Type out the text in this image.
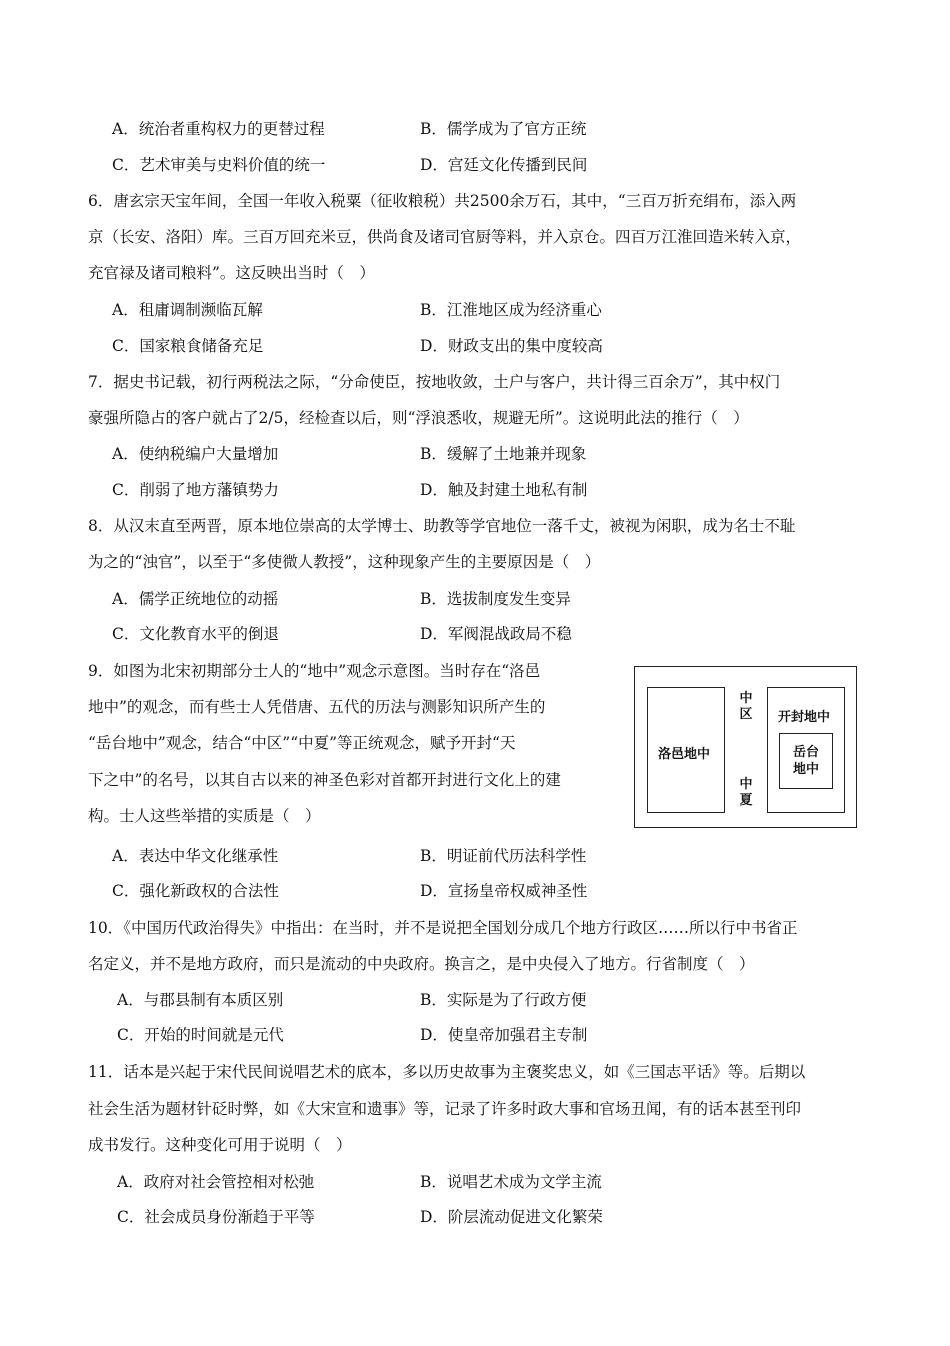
A．统治者重构权力的更替过程	B．儒学成为了官方正统
C．艺术审美与史料价值的统一	D．宫廷文化传播到民间
6．唐玄宗天宝年间，全国一年收入税粟（征收粮税）共2500余万石，其中，“三百万折充绢布，添入两
京（长安、洛阳）库。三百万回充米豆，供尚食及诸司官厨等料，并入京仓。四百万江淮回造米转入京，
充官禄及诸司粮料”。这反映出当时（　）
A．租庸调制濒临瓦解	B．江淮地区成为经济重心
C．国家粮食储备充足	D．财政支出的集中度较高
7．据史书记载，初行两税法之际，“分命使臣，按地收敛，土户与客户，共计得三百余万”，其中权门
豪强所隐占的客户就占了2/5，经检查以后，则“浮浪悉收，规避无所”。这说明此法的推行（　）
A．使纳税编户大量增加	B．缓解了土地兼并现象
C．削弱了地方藩镇势力	D．触及封建土地私有制
8．从汉末直至两晋，原本地位崇高的太学博士、助教等学官地位一落千丈，被视为闲职，成为名士不耻
为之的“浊官”，以至于“多使微人教授”，这种现象产生的主要原因是（　）
A．儒学正统地位的动摇	B．选拔制度发生变异
C．文化教育水平的倒退	D．军阀混战政局不稳
9．如图为北宋初期部分士人的“地中”观念示意图。当时存在“洛邑
地中”的观念，而有些士人凭借唐、五代的历法与测影知识所产生的
“岳台地中”观念，结合“中区”“中夏”等正统观念，赋予开封“天
下之中”的名号，以其自古以来的神圣色彩对首都开封进行文化上的建
构。士人这些举措的实质是（　）
洛邑地中
中区
中夏
开封地中
岳台地中
A．表达中华文化继承性	B．明证前代历法科学性
C．强化新政权的合法性	D．宣扬皇帝权威神圣性
10．《中国历代政治得失》中指出：在当时，并不是说把全国划分成几个地方行政区……所以行中书省正
名定义，并不是地方政府，而只是流动的中央政府。换言之，是中央侵入了地方。行省制度（　）
A．与郡县制有本质区别	B．实际是为了行政方便
C．开始的时间就是元代	D．使皇帝加强君主专制
11．话本是兴起于宋代民间说唱艺术的底本，多以历史故事为主褒奖忠义，如《三国志平话》等。后期以
社会生活为题材针砭时弊，如《大宋宣和遗事》等，记录了许多时政大事和官场丑闻，有的话本甚至刊印
成书发行。这种变化可用于说明（　）
A．政府对社会管控相对松弛	B．说唱艺术成为文学主流
C．社会成员身份渐趋于平等	D．阶层流动促进文化繁荣
